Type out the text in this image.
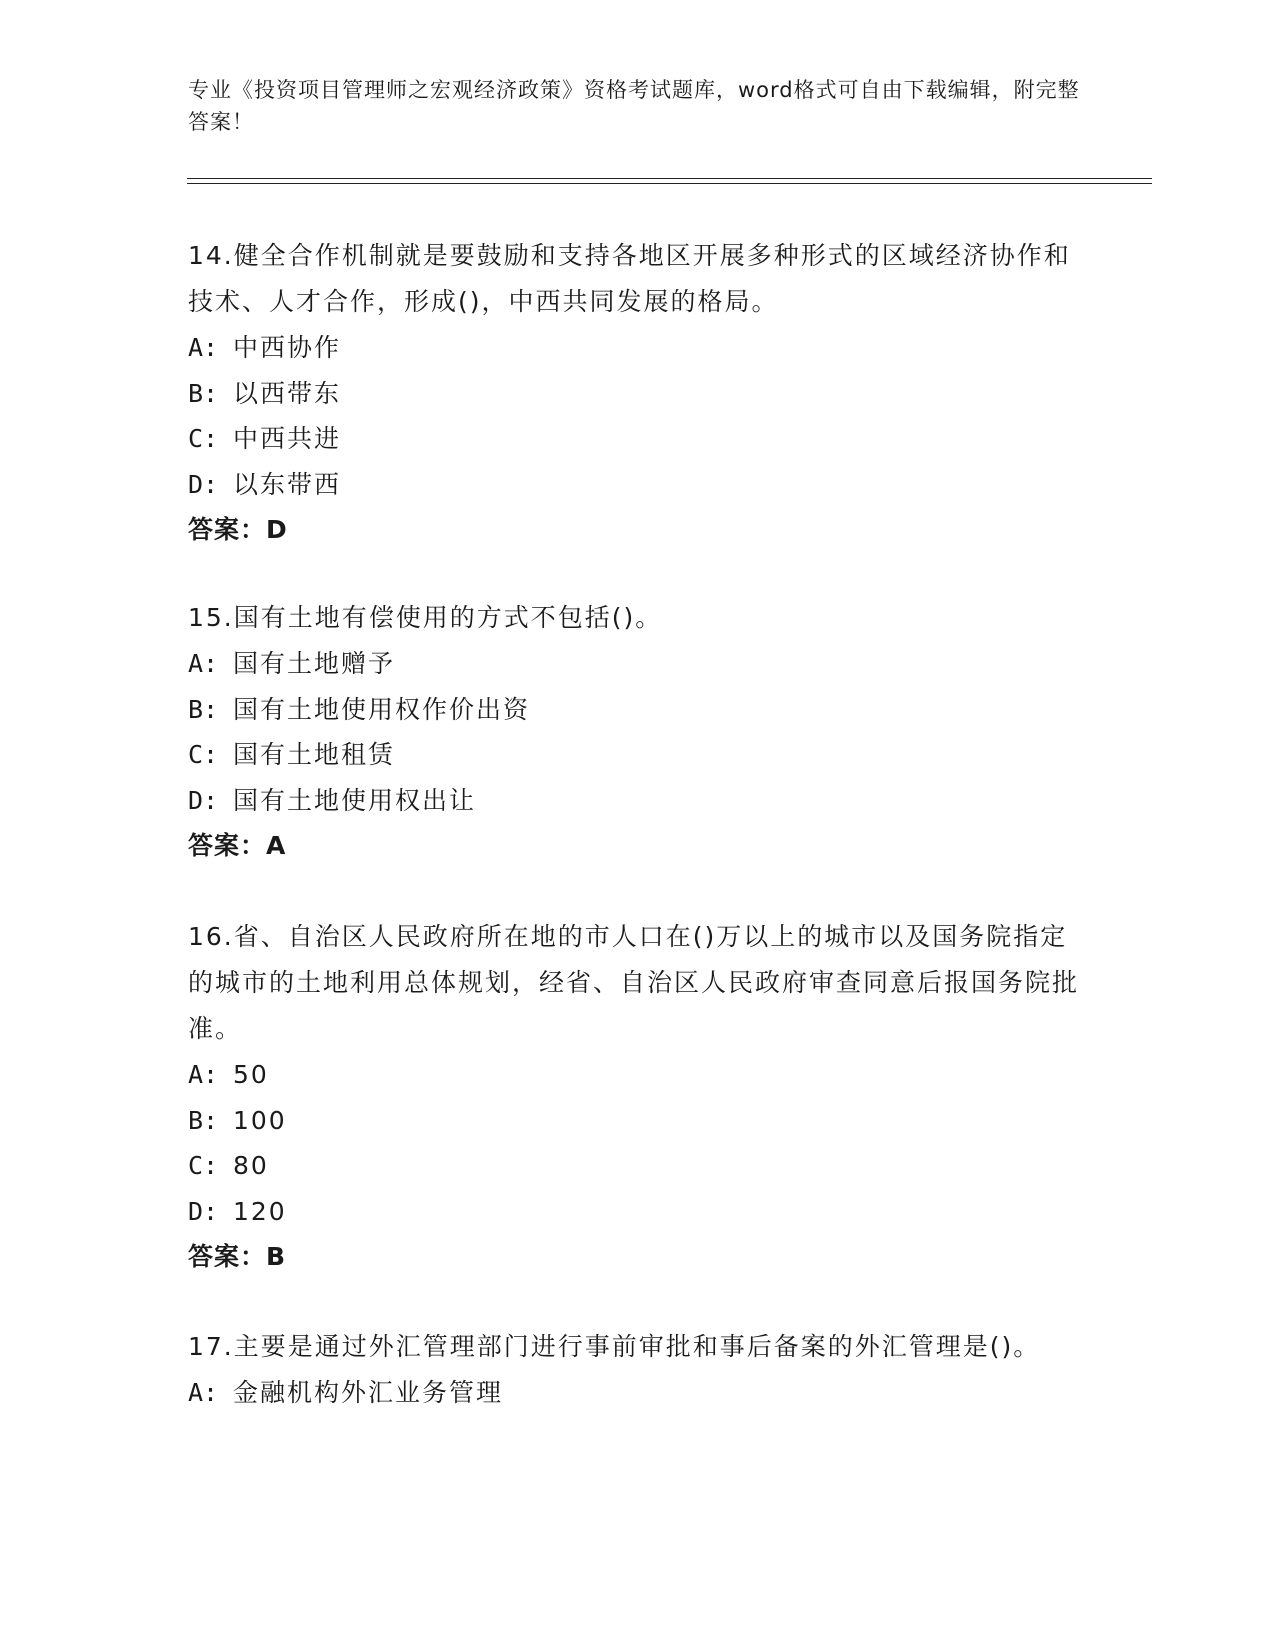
专业《投资项目管理师之宏观经济政策》资格考试题库，word格式可自由下载编辑，附完整答案！
14.健全合作机制就是要鼓励和支持各地区开展多种形式的区域经济协作和技术、人才合作，形成()，中西共同发展的格局。
A: 中西协作
B: 以西带东
C: 中西共进
D: 以东带西
答案：D
15.国有土地有偿使用的方式不包括()。
A: 国有土地赠予
B: 国有土地使用权作价出资
C: 国有土地租赁
D: 国有土地使用权出让
答案：A
16.省、自治区人民政府所在地的市人口在()万以上的城市以及国务院指定的城市的土地利用总体规划，经省、自治区人民政府审查同意后报国务院批准。
A: 50
B: 100
C: 80
D: 120
答案：B
17.主要是通过外汇管理部门进行事前审批和事后备案的外汇管理是()。
A: 金融机构外汇业务管理
